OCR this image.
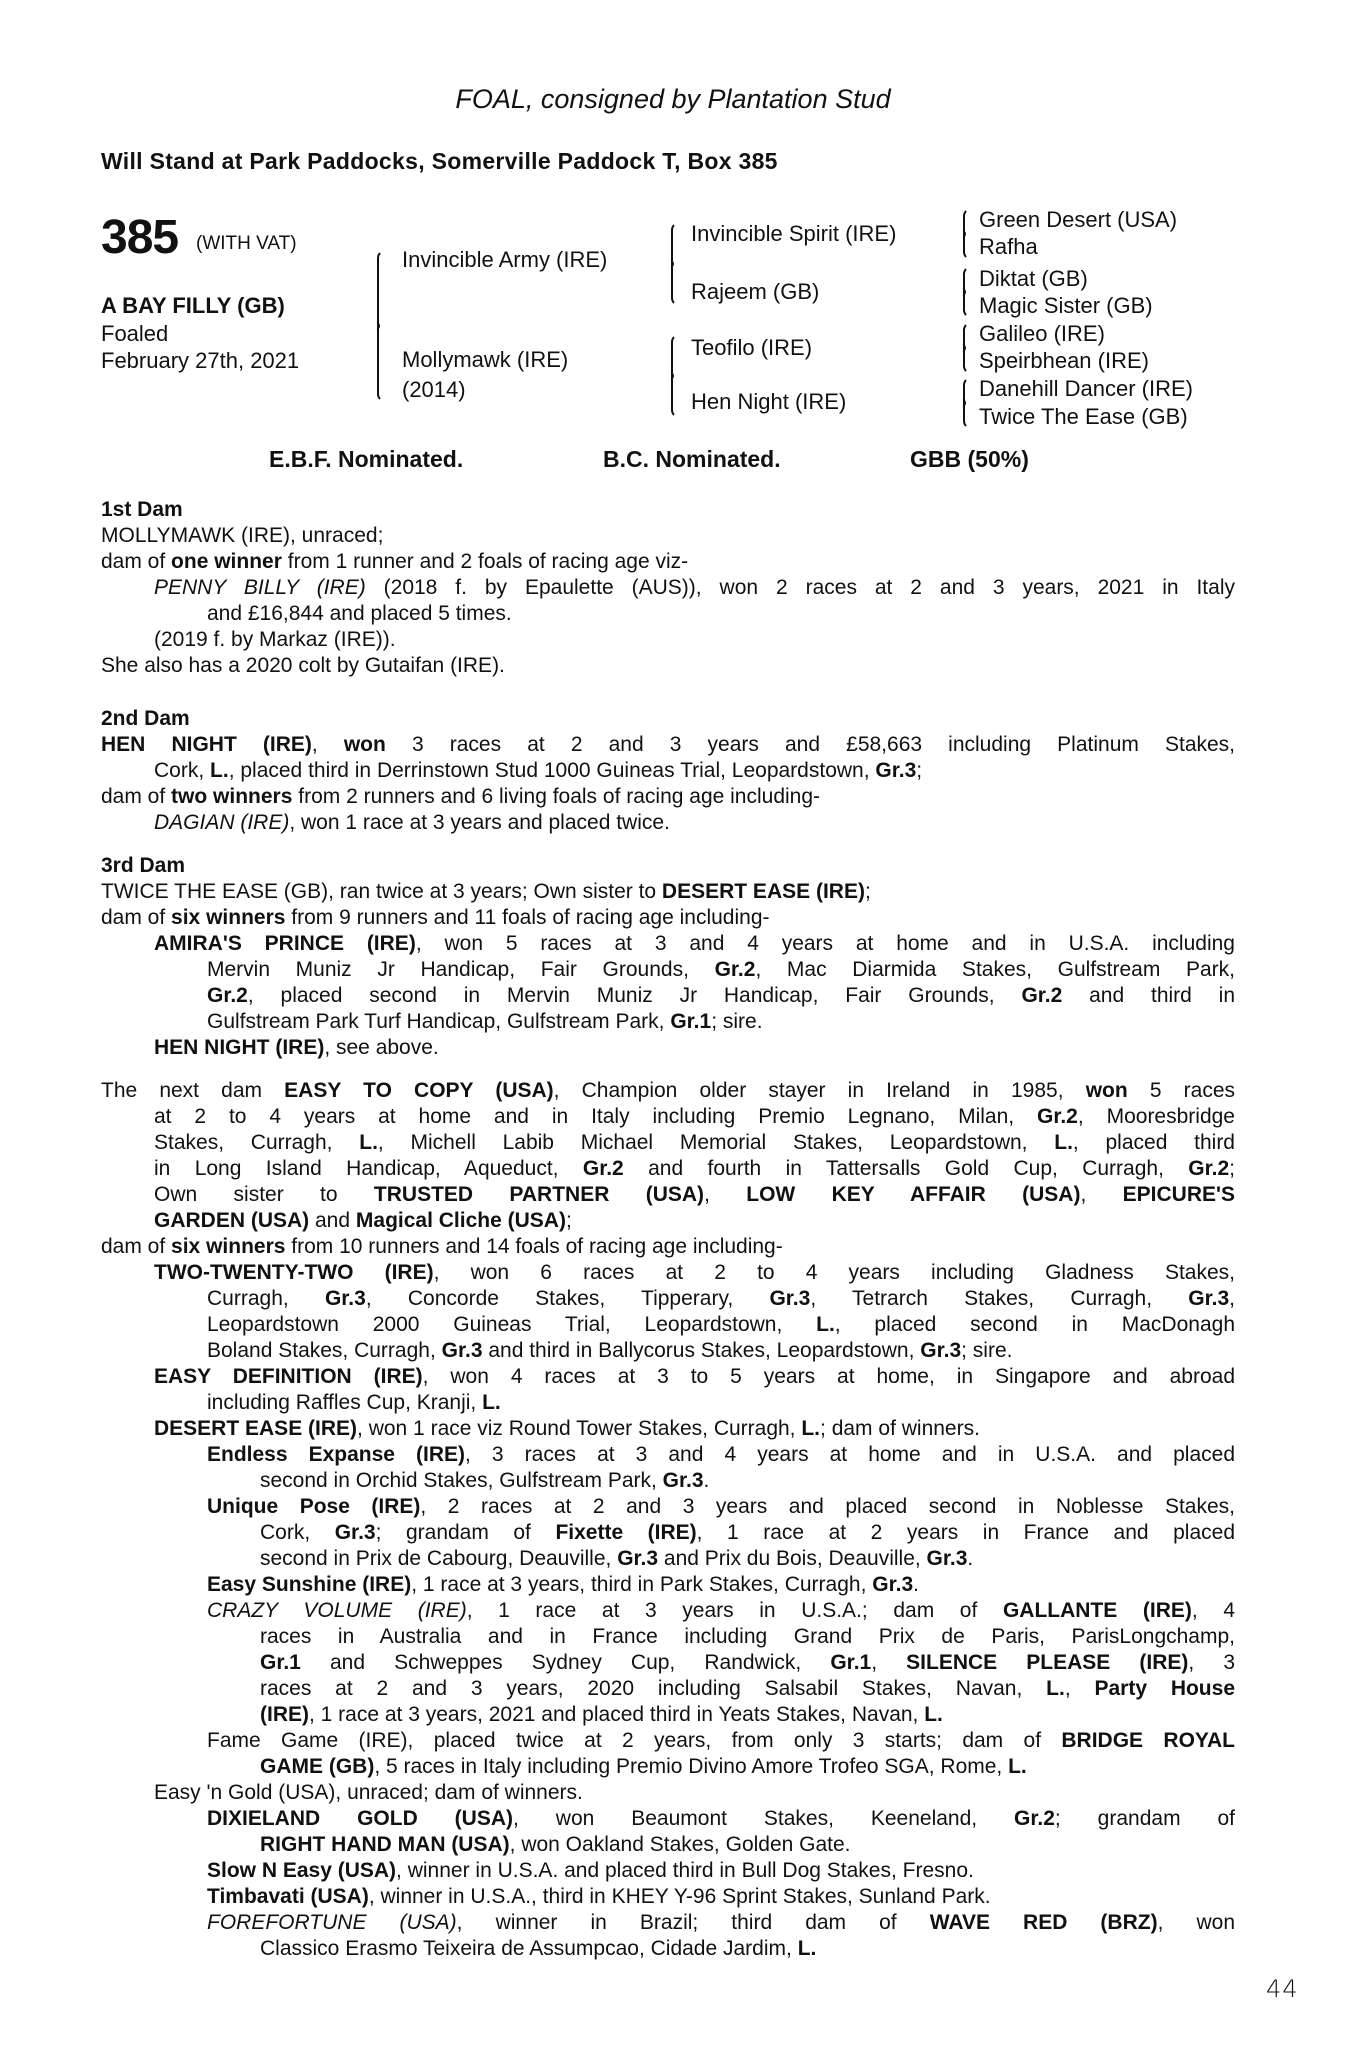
FOAL, consigned by Plantation Stud
Will Stand at Park Paddocks, Somerville Paddock T, Box 385
385 (WITH VAT)
A BAY FILLY (GB)
Foaled
February 27th, 2021
Invincible Army (IRE)
Mollymawk (IRE)
(2014)
Invincible Spirit (IRE)
Rajeem (GB)
Teofilo (IRE)
Hen Night (IRE)
Green Desert (USA)
Rafha
Diktat (GB)
Magic Sister (GB)
Galileo (IRE)
Speirbhean (IRE)
Danehill Dancer (IRE)
Twice The Ease (GB)
E.B.F. Nominated.	B.C. Nominated.	GBB (50%)
1st Dam
MOLLYMAWK (IRE), unraced;
dam of one winner from 1 runner and 2 foals of racing age viz-
PENNY BILLY (IRE) (2018 f. by Epaulette (AUS)), won 2 races at 2 and 3 years, 2021 in Italy
and £16,844 and placed 5 times.
(2019 f. by Markaz (IRE)).
She also has a 2020 colt by Gutaifan (IRE).
2nd Dam
HEN NIGHT (IRE), won 3 races at 2 and 3 years and £58,663 including Platinum Stakes,
Cork, L., placed third in Derrinstown Stud 1000 Guineas Trial, Leopardstown, Gr.3;
dam of two winners from 2 runners and 6 living foals of racing age including-
DAGIAN (IRE), won 1 race at 3 years and placed twice.
3rd Dam
TWICE THE EASE (GB), ran twice at 3 years; Own sister to DESERT EASE (IRE);
dam of six winners from 9 runners and 11 foals of racing age including-
AMIRA'S PRINCE (IRE), won 5 races at 3 and 4 years at home and in U.S.A. including
Mervin Muniz Jr Handicap, Fair Grounds, Gr.2, Mac Diarmida Stakes, Gulfstream Park,
Gr.2, placed second in Mervin Muniz Jr Handicap, Fair Grounds, Gr.2 and third in
Gulfstream Park Turf Handicap, Gulfstream Park, Gr.1; sire.
HEN NIGHT (IRE), see above.
The next dam EASY TO COPY (USA), Champion older stayer in Ireland in 1985, won 5 races
at 2 to 4 years at home and in Italy including Premio Legnano, Milan, Gr.2, Mooresbridge
Stakes, Curragh, L., Michell Labib Michael Memorial Stakes, Leopardstown, L., placed third
in Long Island Handicap, Aqueduct, Gr.2 and fourth in Tattersalls Gold Cup, Curragh, Gr.2;
Own sister to TRUSTED PARTNER (USA), LOW KEY AFFAIR (USA), EPICURE'S
GARDEN (USA) and Magical Cliche (USA);
dam of six winners from 10 runners and 14 foals of racing age including-
TWO-TWENTY-TWO (IRE), won 6 races at 2 to 4 years including Gladness Stakes,
Curragh, Gr.3, Concorde Stakes, Tipperary, Gr.3, Tetrarch Stakes, Curragh, Gr.3,
Leopardstown 2000 Guineas Trial, Leopardstown, L., placed second in MacDonagh
Boland Stakes, Curragh, Gr.3 and third in Ballycorus Stakes, Leopardstown, Gr.3; sire.
EASY DEFINITION (IRE), won 4 races at 3 to 5 years at home, in Singapore and abroad
including Raffles Cup, Kranji, L.
DESERT EASE (IRE), won 1 race viz Round Tower Stakes, Curragh, L.; dam of winners.
Endless Expanse (IRE), 3 races at 3 and 4 years at home and in U.S.A. and placed
second in Orchid Stakes, Gulfstream Park, Gr.3.
Unique Pose (IRE), 2 races at 2 and 3 years and placed second in Noblesse Stakes,
Cork, Gr.3; grandam of Fixette (IRE), 1 race at 2 years in France and placed
second in Prix de Cabourg, Deauville, Gr.3 and Prix du Bois, Deauville, Gr.3.
Easy Sunshine (IRE), 1 race at 3 years, third in Park Stakes, Curragh, Gr.3.
CRAZY VOLUME (IRE), 1 race at 3 years in U.S.A.; dam of GALLANTE (IRE), 4
races in Australia and in France including Grand Prix de Paris, ParisLongchamp,
Gr.1 and Schweppes Sydney Cup, Randwick, Gr.1, SILENCE PLEASE (IRE), 3
races at 2 and 3 years, 2020 including Salsabil Stakes, Navan, L., Party House
(IRE), 1 race at 3 years, 2021 and placed third in Yeats Stakes, Navan, L.
Fame Game (IRE), placed twice at 2 years, from only 3 starts; dam of BRIDGE ROYAL
GAME (GB), 5 races in Italy including Premio Divino Amore Trofeo SGA, Rome, L.
Easy 'n Gold (USA), unraced; dam of winners.
DIXIELAND GOLD (USA), won Beaumont Stakes, Keeneland, Gr.2; grandam of
RIGHT HAND MAN (USA), won Oakland Stakes, Golden Gate.
Slow N Easy (USA), winner in U.S.A. and placed third in Bull Dog Stakes, Fresno.
Timbavati (USA), winner in U.S.A., third in KHEY Y-96 Sprint Stakes, Sunland Park.
FOREFORTUNE (USA), winner in Brazil; third dam of WAVE RED (BRZ), won
Classico Erasmo Teixeira de Assumpcao, Cidade Jardim, L.
44
